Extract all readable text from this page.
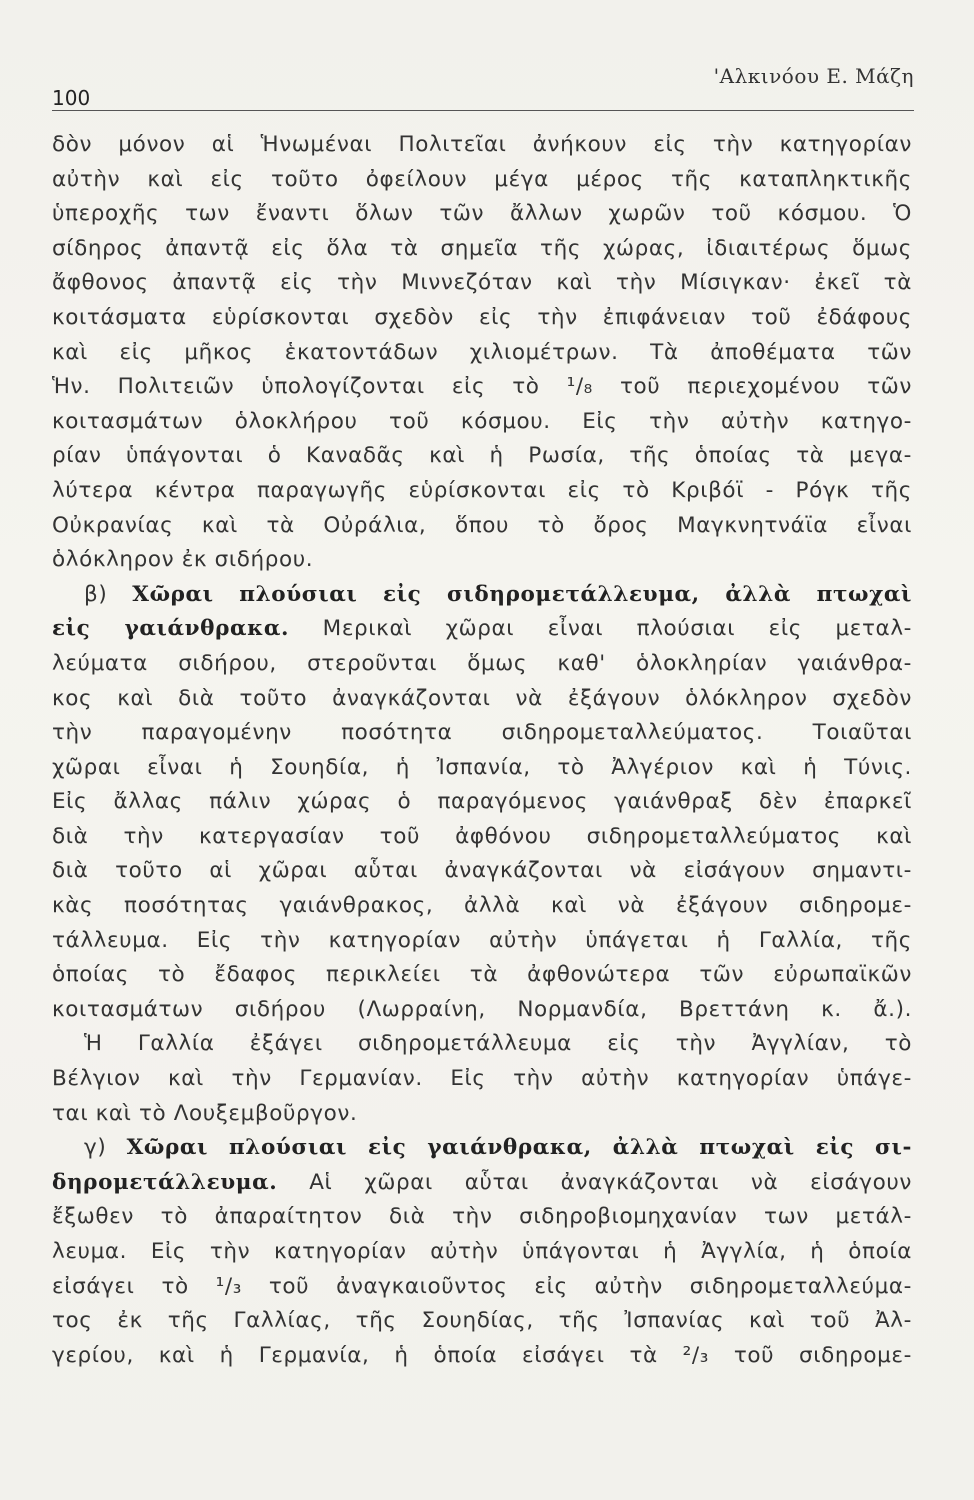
100
'Αλκινόου Ε. Μάζη
δὸν μόνον αἱ Ἡνωμέναι Πολιτεῖαι ἀνήκουν εἰς τὴν κατηγορίαν
αὐτὴν καὶ εἰς τοῦτο ὀφείλουν μέγα μέρος τῆς καταπληκτικῆς
ὑπεροχῆς των ἔναντι ὅλων τῶν ἄλλων χωρῶν τοῦ κόσμου. Ὁ
σίδηρος ἀπαντᾷ εἰς ὅλα τὰ σημεῖα τῆς χώρας, ἰδιαιτέρως ὅμως
ἄφθονος ἀπαντᾷ εἰς τὴν Μιννεζόταν καὶ τὴν Μίσιγκαν· ἐκεῖ τὰ
κοιτάσματα εὑρίσκονται σχεδὸν εἰς τὴν ἐπιφάνειαν τοῦ ἐδάφους
καὶ εἰς μῆκος ἑκατοντάδων χιλιομέτρων. Τὰ ἀποθέματα τῶν
Ἡν. Πολιτειῶν ὑπολογίζονται εἰς τὸ ¹/₈ τοῦ περιεχομένου τῶν
κοιτασμάτων ὁλοκλήρου τοῦ κόσμου. Εἰς τὴν αὐτὴν κατηγο-
ρίαν ὑπάγονται ὁ Καναδᾶς καὶ ἡ Ρωσία, τῆς ὁποίας τὰ μεγα-
λύτερα κέντρα παραγωγῆς εὑρίσκονται εἰς τὸ Κριβόϊ - Ρόγκ τῆς
Οὐκρανίας καὶ τὰ Οὐράλια, ὅπου τὸ ὄρος Μαγκνητνάϊα εἶναι
ὁλόκληρον ἐκ σιδήρου.
β) Χῶραι πλούσιαι εἰς σιδηρομετάλλευμα, ἀλλὰ πτωχαὶ
εἰς γαιάνθρακα. Μερικαὶ χῶραι εἶναι πλούσιαι εἰς μεταλ-
λεύματα σιδήρου, στεροῦνται ὅμως καθ' ὁλοκληρίαν γαιάνθρα-
κος καὶ διὰ τοῦτο ἀναγκάζονται νὰ ἐξάγουν ὁλόκληρον σχεδὸν
τὴν παραγομένην ποσότητα σιδηρομεταλλεύματος. Τοιαῦται
χῶραι εἶναι ἡ Σουηδία, ἡ Ἰσπανία, τὸ Ἀλγέριον καὶ ἡ Τύνις.
Εἰς ἄλλας πάλιν χώρας ὁ παραγόμενος γαιάνθραξ δὲν ἐπαρκεῖ
διὰ τὴν κατεργασίαν τοῦ ἀφθόνου σιδηρομεταλλεύματος καὶ
διὰ τοῦτο αἱ χῶραι αὗται ἀναγκάζονται νὰ εἰσάγουν σημαντι-
κὰς ποσότητας γαιάνθρακος, ἀλλὰ καὶ νὰ ἐξάγουν σιδηρομε-
τάλλευμα. Εἰς τὴν κατηγορίαν αὐτὴν ὑπάγεται ἡ Γαλλία, τῆς
ὁποίας τὸ ἔδαφος περικλείει τὰ ἀφθονώτερα τῶν εὐρωπαϊκῶν
κοιτασμάτων σιδήρου (Λωρραίνη, Νορμανδία, Βρεττάνη κ. ἄ.).
Ἡ Γαλλία ἐξάγει σιδηρομετάλλευμα εἰς τὴν Ἀγγλίαν, τὸ
Βέλγιον καὶ τὴν Γερμανίαν. Εἰς τὴν αὐτὴν κατηγορίαν ὑπάγε-
ται καὶ τὸ Λουξεμβοῦργον.
γ) Χῶραι πλούσιαι εἰς γαιάνθρακα, ἀλλὰ πτωχαὶ εἰς σι-
δηρομετάλλευμα. Αἱ χῶραι αὗται ἀναγκάζονται νὰ εἰσάγουν
ἔξωθεν τὸ ἀπαραίτητον διὰ τὴν σιδηροβιομηχανίαν των μετάλ-
λευμα. Εἰς τὴν κατηγορίαν αὐτὴν ὑπάγονται ἡ Ἀγγλία, ἡ ὁποία
εἰσάγει τὸ ¹/₃ τοῦ ἀναγκαιοῦντος εἰς αὐτὴν σιδηρομεταλλεύμα-
τος ἐκ τῆς Γαλλίας, τῆς Σουηδίας, τῆς Ἰσπανίας καὶ τοῦ Ἀλ-
γερίου, καὶ ἡ Γερμανία, ἡ ὁποία εἰσάγει τὰ ²/₃ τοῦ σιδηρομε-
